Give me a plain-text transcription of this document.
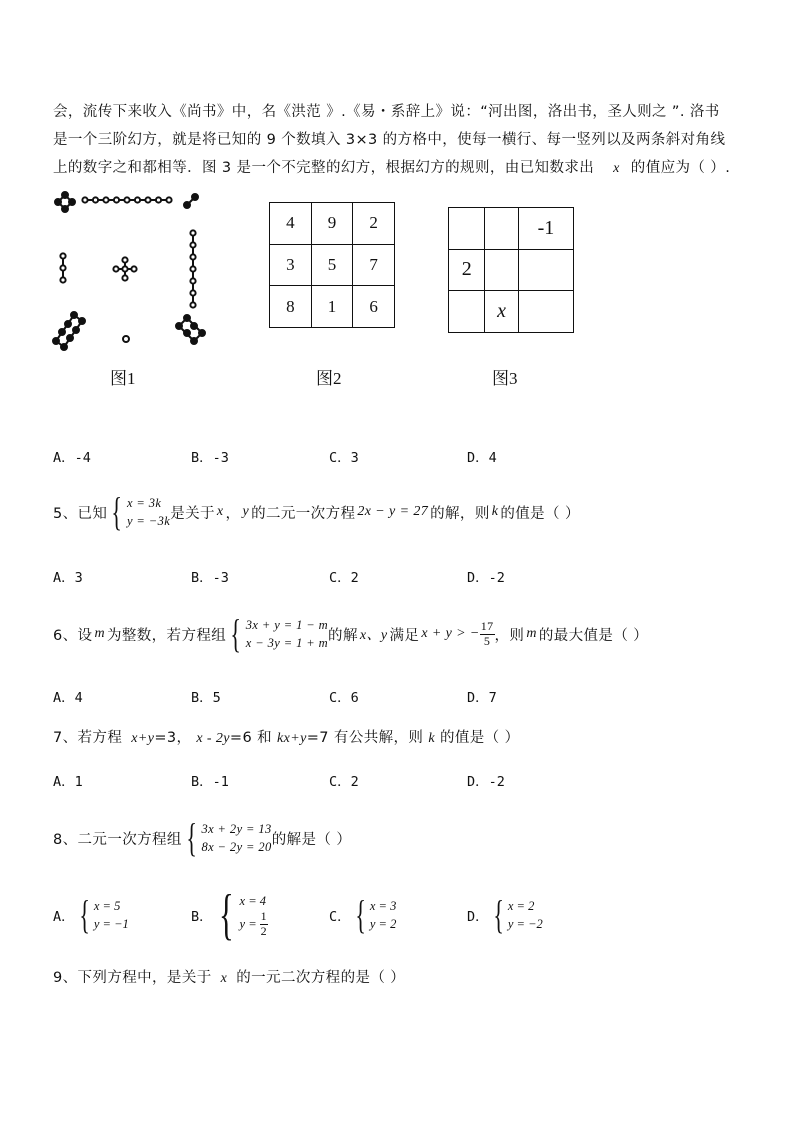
会，流传下来收入《尚书》中，名《洪范 》.《易・系辞上》说：“河出图，洛出书，圣人则之 ”. 洛书
是一个三阶幻方，就是将已知的 9 个数填入 3×3 的方格中，使每一横行、每一竖列以及两条斜对角线
上的数字之和都相等．图 3 是一个不完整的幻方，根据幻方的规则，由已知数求出 x 的值应为（ ）.
图1
4	9	2
3	5	7
8	1	6
图2
		-1
2		
	x	
图3
A．-4	B．-3	C．3	D．4
5、已知 { x = 3k
y = −3k 是关于 x ， y 的二元一次方程 2x − y = 27 的解，则 k 的值是（ ）
A．3	B．-3	C．2	D．-2
6、设 m 为整数，若方程组 { 3x + y = 1 − m
x − 3y = 1 + m 的解 x、y 满足 x + y > − $\frac{17}{5}$ ，则 m 的最大值是（ ）
A．4	B．5	C．6	D．7
7、若方程 x+y=3， x - 2y=6 和 kx+y=7 有公共解，则 k 的值是（ ）
A．1	B．-1	C．2	D．-2
8、二元一次方程组 { 3x + 2y = 13
8x − 2y = 20 的解是（ ）
A． { x = 5
y = −1	B． { x = 4
$y = \frac{1}{2}$	C． { x = 3
y = 2	D． { x = 2
y = −2
9、下列方程中，是关于 x 的一元二次方程的是（ ）
